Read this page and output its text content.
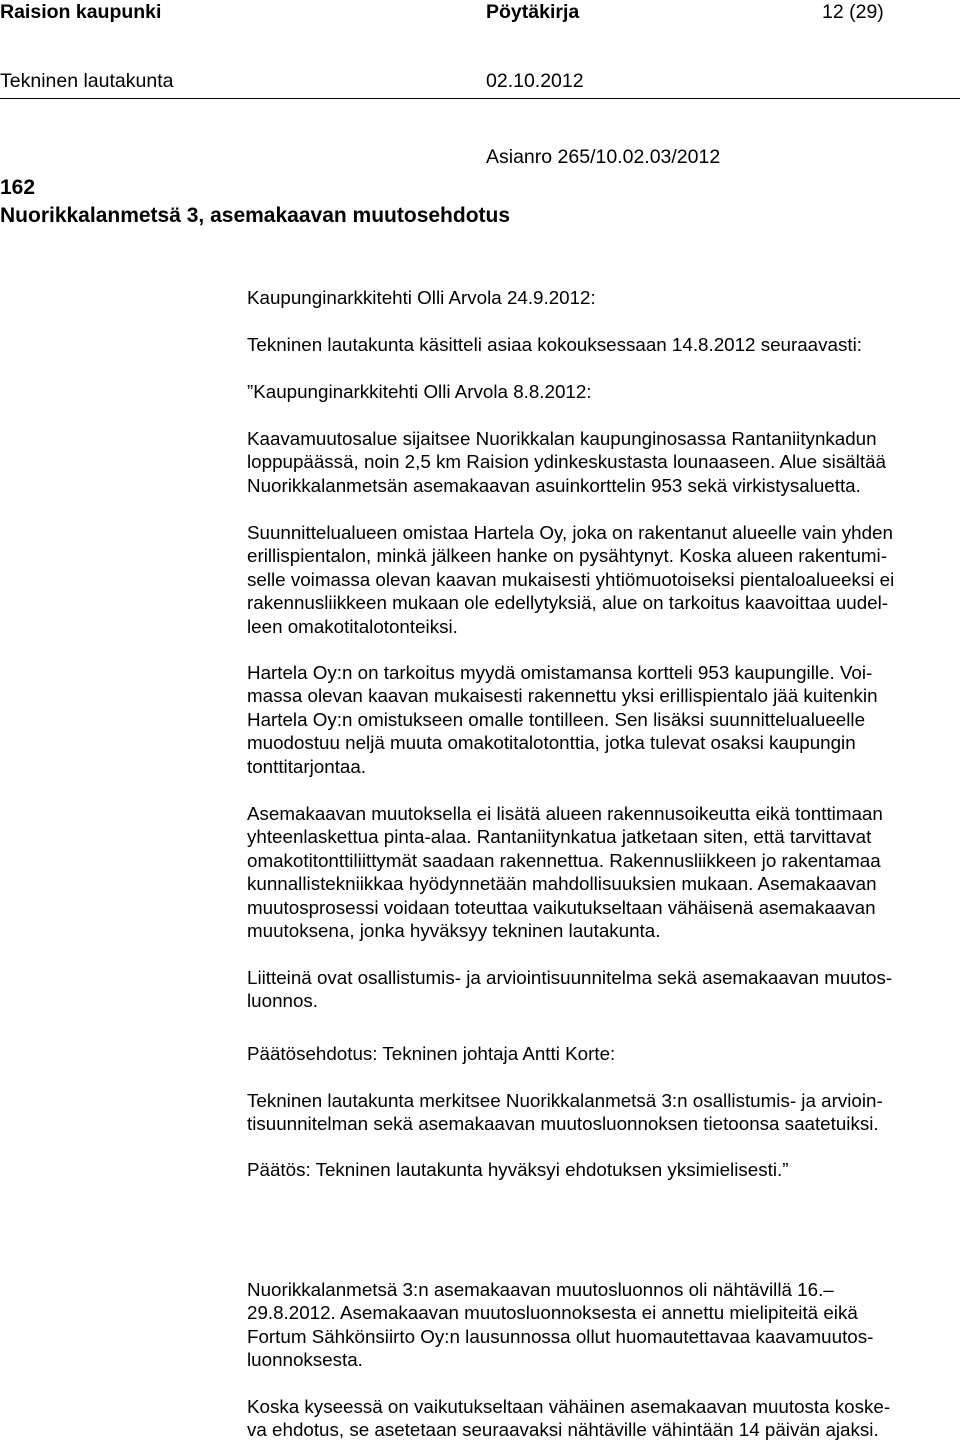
Raision kaupunki	Pöytäkirja	12 (29)
Tekninen lautakunta	02.10.2012
Asianro 265/10.02.03/2012
162
Nuorikkalanmetsä 3, asemakaavan muutosehdotus
Kaupunginarkkitehti Olli Arvola 24.9.2012:
Tekninen lautakunta käsitteli asiaa kokouksessaan 14.8.2012 seuraavasti:
”Kaupunginarkkitehti Olli Arvola 8.8.2012:
Kaavamuutosalue sijaitsee Nuorikkalan kaupunginosassa Rantaniitynkadun
loppupäässä, noin 2,5 km Raision ydinkeskustasta lounaaseen. Alue sisältää
Nuorikkalanmetsän asemakaavan asuinkorttelin 953 sekä virkistysaluetta.
Suunnittelualueen omistaa Hartela Oy, joka on rakentanut alueelle vain yhden
erillispientalon, minkä jälkeen hanke on pysähtynyt. Koska alueen rakentumi-
selle voimassa olevan kaavan mukaisesti yhtiömuotoiseksi pientaloalueeksi ei
rakennusliikkeen mukaan ole edellytyksiä, alue on tarkoitus kaavoittaa uudel-
leen omakotitalotonteiksi.
Hartela Oy:n on tarkoitus myydä omistamansa kortteli 953 kaupungille. Voi-
massa olevan kaavan mukaisesti rakennettu yksi erillispientalo jää kuitenkin
Hartela Oy:n omistukseen omalle tontilleen. Sen lisäksi suunnittelualueelle
muodostuu neljä muuta omakotitalotonttia, jotka tulevat osaksi kaupungin
tonttitarjontaa.
Asemakaavan muutoksella ei lisätä alueen rakennusoikeutta eikä tonttimaan
yhteenlaskettua pinta-alaa. Rantaniitynkatua jatketaan siten, että tarvittavat
omakotitonttiliittymät saadaan rakennettua. Rakennusliikkeen jo rakentamaa
kunnallistekniikkaa hyödynnetään mahdollisuuksien mukaan. Asemakaavan
muutosprosessi voidaan toteuttaa vaikutukseltaan vähäisenä asemakaavan
muutoksena, jonka hyväksyy tekninen lautakunta.
Liitteinä ovat osallistumis- ja arviointisuunnitelma sekä asemakaavan muutos-
luonnos.
Päätösehdotus: Tekninen johtaja Antti Korte:
Tekninen lautakunta merkitsee Nuorikkalanmetsä 3:n osallistumis- ja arvioin-
tisuunnitelman sekä asemakaavan muutosluonnoksen tietoonsa saatetuiksi.
Päätös: Tekninen lautakunta hyväksyi ehdotuksen yksimielisesti.”
Nuorikkalanmetsä 3:n asemakaavan muutosluonnos oli nähtävillä 16.–
29.8.2012. Asemakaavan muutosluonnoksesta ei annettu mielipiteitä eikä
Fortum Sähkönsiirto Oy:n lausunnossa ollut huomautettavaa kaavamuutos-
luonnoksesta.
Koska kyseessä on vaikutukseltaan vähäinen asemakaavan muutosta koske-
va ehdotus, se asetetaan seuraavaksi nähtäville vähintään 14 päivän ajaksi.
